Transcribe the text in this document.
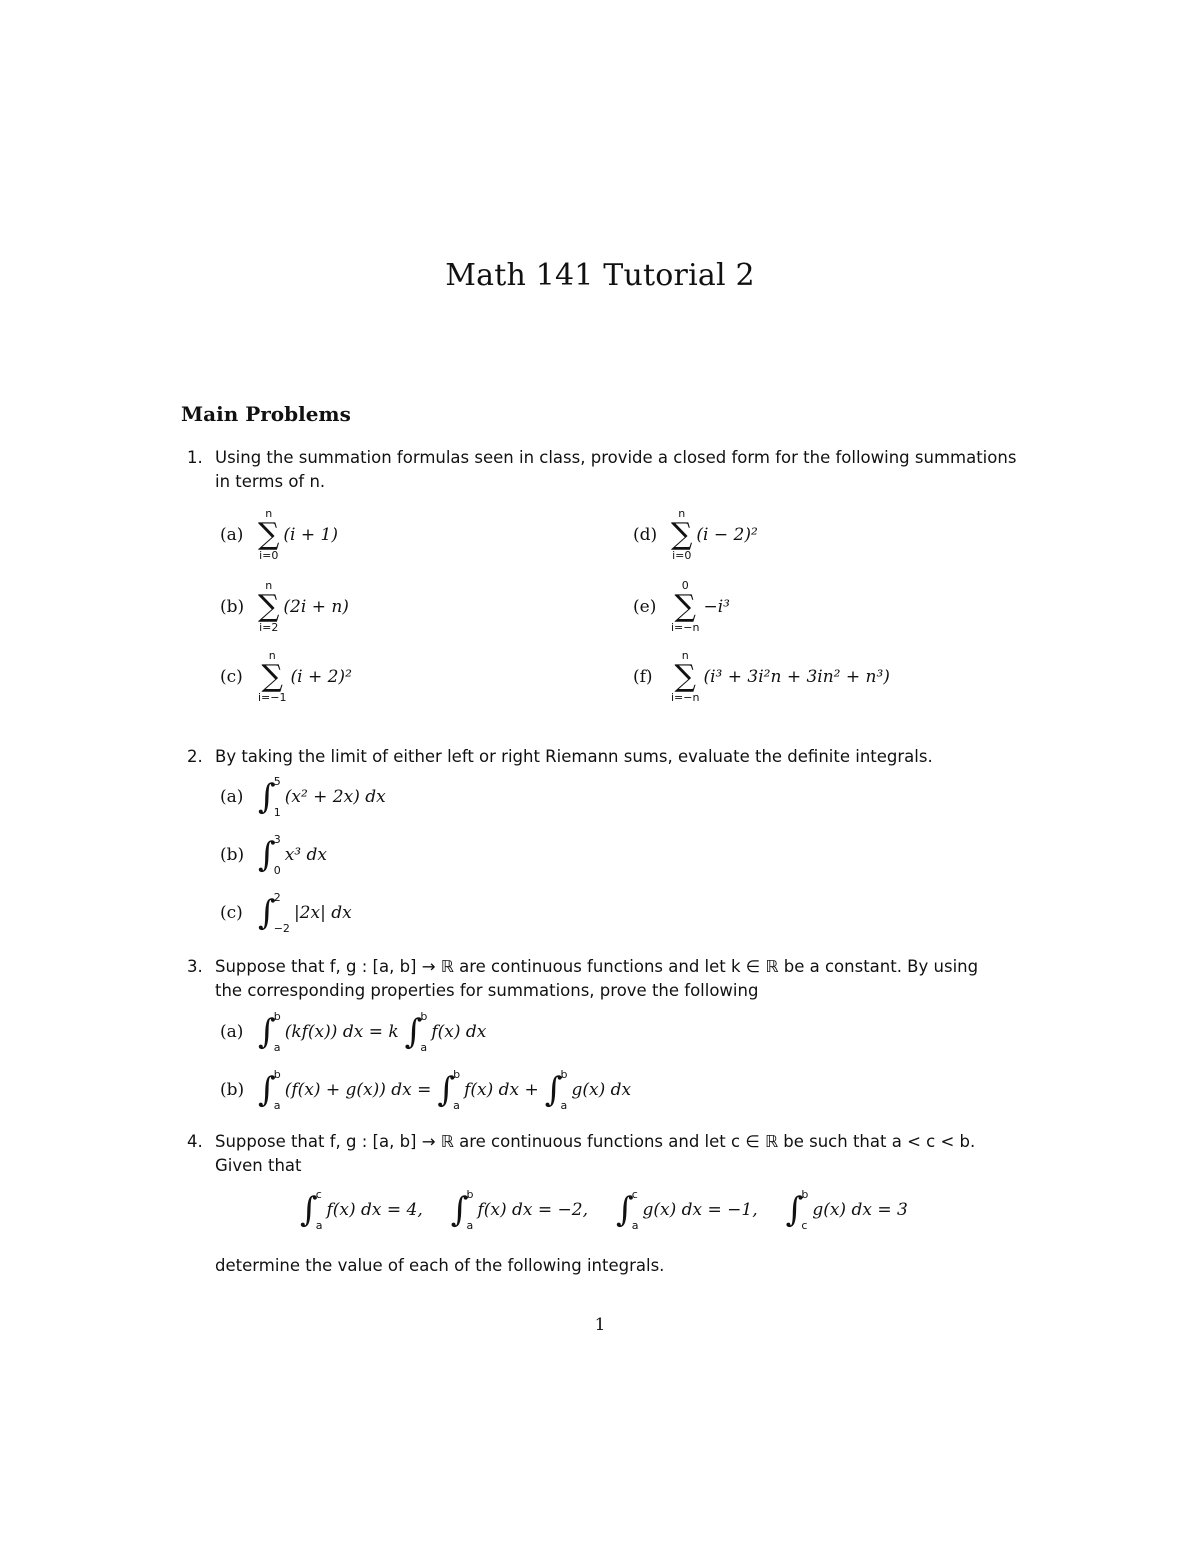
Math 141 Tutorial 2
Main Problems
1. Using the summation formulas seen in class, provide a closed form for the following summations
in terms of n.
(a)
n
∑
i=0
(i + 1)
(b)
n
∑
i=2
(2i + n)
(c)
n
∑
i=−1
(i + 2)²
(d)
n
∑
i=0
(i − 2)²
(e)
0
∑
i=−n
−i³
(f)
n
∑
i=−n
(i³ + 3i²n + 3in² + n³)
2. By taking the limit of either left or right Riemann sums, evaluate the definite integrals.
(a) ∫
5
1
(x² + 2x) dx
(b) ∫
3
0
x³ dx
(c) ∫
2
−2
|2x| dx
3. Suppose that f, g : [a, b] → ℝ are continuous functions and let k ∈ ℝ be a constant. By using
the corresponding properties for summations, prove the following
(a) ∫
b
a
(kf(x)) dx = k ∫
b
a
f(x) dx
(b) ∫
b
a
(f(x) + g(x)) dx = ∫
b
a
f(x) dx + ∫
b
a
g(x) dx
4. Suppose that f, g : [a, b] → ℝ are continuous functions and let c ∈ ℝ be such that a < c < b.
Given that
∫
c
a
f(x) dx = 4, ∫
b
a
f(x) dx = −2, ∫
c
a
g(x) dx = −1, ∫
b
c
g(x) dx = 3
determine the value of each of the following integrals.
1
